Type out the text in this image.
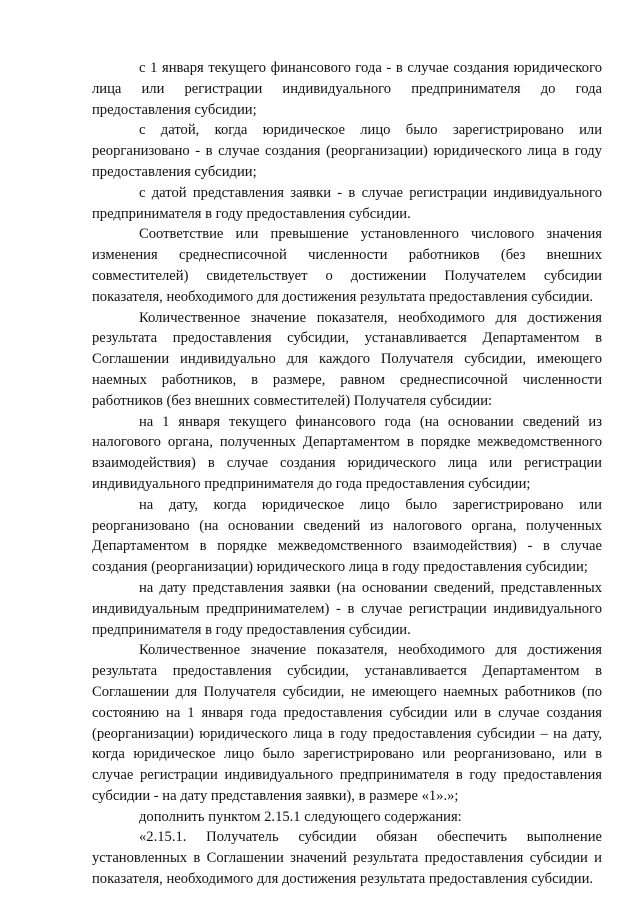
с 1 января текущего финансового года - в случае создания юридического лица или регистрации индивидуального предпринимателя до года предоставления субсидии;

с датой, когда юридическое лицо было зарегистрировано или реорганизовано - в случае создания (реорганизации) юридического лица в году предоставления субсидии;

с датой представления заявки - в случае регистрации индивидуального предпринимателя в году предоставления субсидии.

Соответствие или превышение установленного числового значения изменения среднесписочной численности работников (без внешних совместителей) свидетельствует о достижении Получателем субсидии показателя, необходимого для достижения результата предоставления субсидии.

Количественное значение показателя, необходимого для достижения результата предоставления субсидии, устанавливается Департаментом в Соглашении индивидуально для каждого Получателя субсидии, имеющего наемных работников, в размере, равном среднесписочной численности работников (без внешних совместителей) Получателя субсидии:

на 1 января текущего финансового года (на основании сведений из налогового органа, полученных Департаментом в порядке межведомственного взаимодействия) в случае создания юридического лица или регистрации индивидуального предпринимателя до года предоставления субсидии;

на дату, когда юридическое лицо было зарегистрировано или реорганизовано (на основании сведений из налогового органа, полученных Департаментом в порядке межведомственного взаимодействия) - в случае создания (реорганизации) юридического лица в году предоставления субсидии;

на дату представления заявки (на основании сведений, представленных индивидуальным предпринимателем) - в случае регистрации индивидуального предпринимателя в году предоставления субсидии.

Количественное значение показателя, необходимого для достижения результата предоставления субсидии, устанавливается Департаментом в Соглашении для Получателя субсидии, не имеющего наемных работников (по состоянию на 1 января года предоставления субсидии или в случае создания (реорганизации) юридического лица в году предоставления субсидии – на дату, когда юридическое лицо было зарегистрировано или реорганизовано, или в случае регистрации индивидуального предпринимателя в году предоставления субсидии - на дату представления заявки), в размере «1».»;

дополнить пунктом 2.15.1 следующего содержания:

«2.15.1. Получатель субсидии обязан обеспечить выполнение установленных в Соглашении значений результата предоставления субсидии и показателя, необходимого для достижения результата предоставления субсидии.
